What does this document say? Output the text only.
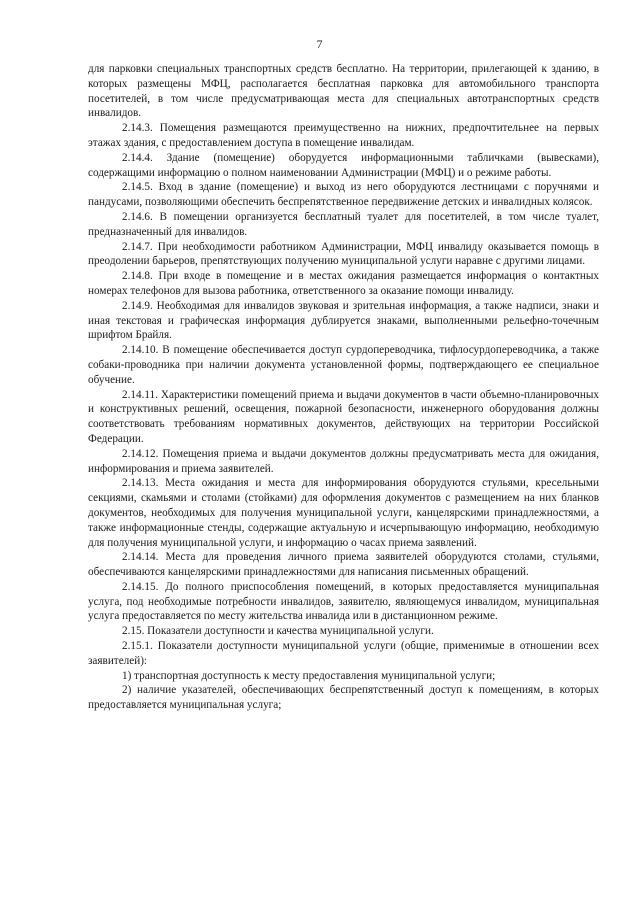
7

для парковки специальных транспортных средств бесплатно. На территории, прилегающей к зданию, в которых размещены МФЦ, располагается бесплатная парковка для автомобильного транспорта посетителей, в том числе предусматривающая места для специальных автотранспортных средств инвалидов.

2.14.3. Помещения размещаются преимущественно на нижних, предпочтительнее на первых этажах здания, с предоставлением доступа в помещение инвалидам.

2.14.4. Здание (помещение) оборудуется информационными табличками (вывесками), содержащими информацию о полном наименовании Администрации (МФЦ) и о режиме работы.

2.14.5. Вход в здание (помещение) и выход из него оборудуются лестницами с поручнями и пандусами, позволяющими обеспечить беспрепятственное передвижение детских и инвалидных колясок.

2.14.6. В помещении организуется бесплатный туалет для посетителей, в том числе туалет, предназначенный для инвалидов.

2.14.7. При необходимости работником Администрации, МФЦ инвалиду оказывается помощь в преодолении барьеров, препятствующих получению муниципальной услуги наравне с другими лицами.

2.14.8. При входе в помещение и в местах ожидания размещается информация о контактных номерах телефонов для вызова работника, ответственного за оказание помощи инвалиду.

2.14.9. Необходимая для инвалидов звуковая и зрительная информация, а также надписи, знаки и иная текстовая и графическая информация дублируется знаками, выполненными рельефно-точечным шрифтом Брайля.

2.14.10. В помещение обеспечивается доступ сурдопереводчика, тифлосурдопереводчика, а также собаки-проводника при наличии документа установленной формы, подтверждающего ее специальное обучение.

2.14.11. Характеристики помещений приема и выдачи документов в части объемно-планировочных и конструктивных решений, освещения, пожарной безопасности, инженерного оборудования должны соответствовать требованиям нормативных документов, действующих на территории Российской Федерации.

2.14.12. Помещения приема и выдачи документов должны предусматривать места для ожидания, информирования и приема заявителей.

2.14.13. Места ожидания и места для информирования оборудуются стульями, кресельными секциями, скамьями и столами (стойками) для оформления документов с размещением на них бланков документов, необходимых для получения муниципальной услуги, канцелярскими принадлежностями, а также информационные стенды, содержащие актуальную и исчерпывающую информацию, необходимую для получения муниципальной услуги, и информацию о часах приема заявлений.

2.14.14. Места для проведения личного приема заявителей оборудуются столами, стульями, обеспечиваются канцелярскими принадлежностями для написания письменных обращений.

2.14.15. До полного приспособления помещений, в которых предоставляется муниципальная услуга, под необходимые потребности инвалидов, заявителю, являющемуся инвалидом, муниципальная услуга предоставляется по месту жительства инвалида или в дистанционном режиме.

2.15. Показатели доступности и качества муниципальной услуги.

2.15.1. Показатели доступности муниципальной услуги (общие, применимые в отношении всех заявителей):

1) транспортная доступность к месту предоставления муниципальной услуги;

2) наличие указателей, обеспечивающих беспрепятственный доступ к помещениям, в которых предоставляется муниципальная услуга;
